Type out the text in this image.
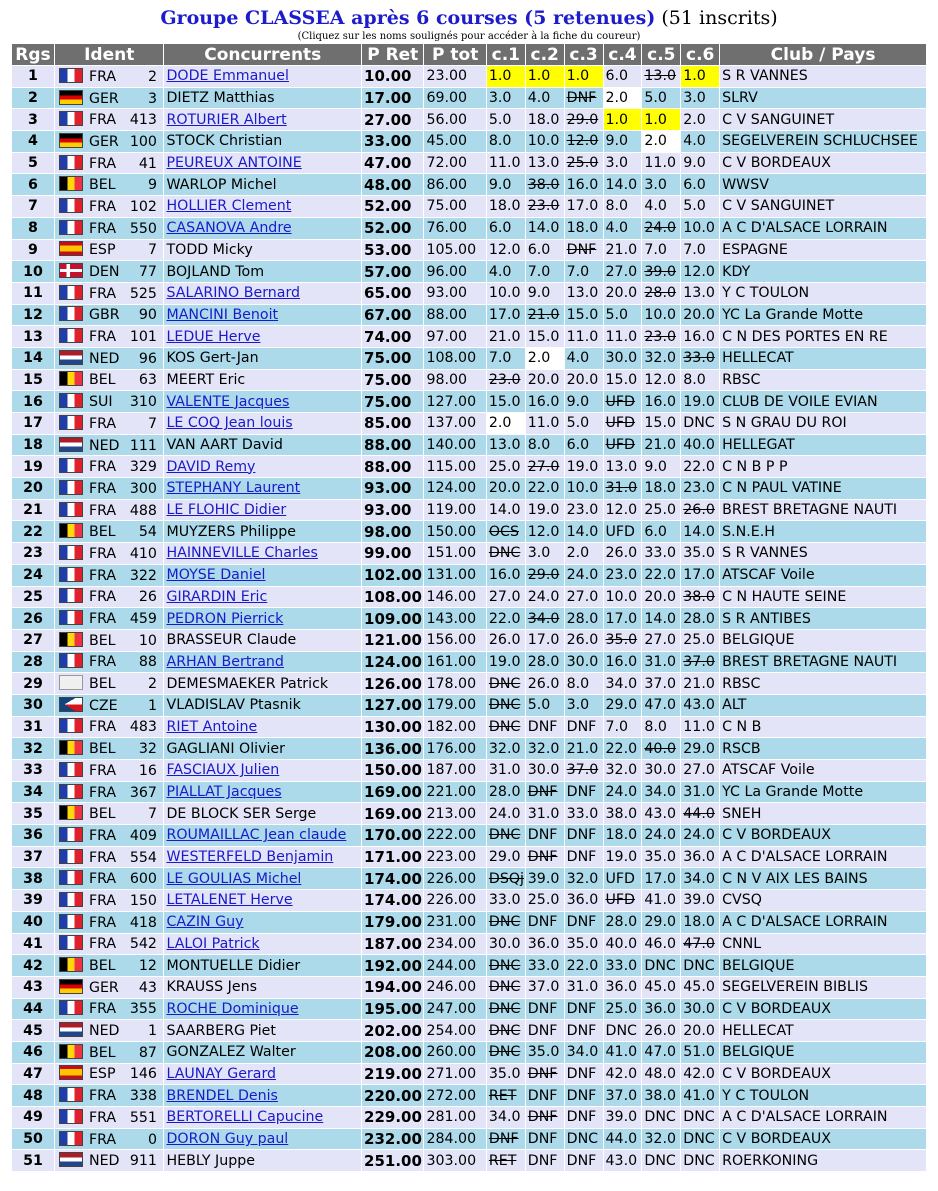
Groupe CLASSEA après 6 courses (5 retenues) (51 inscrits)
(Cliquez sur les noms soulignés pour accéder à la fiche du coureur)
Rgs	Ident	Concurrents	P Ret	P tot	c.1	c.2	c.3	c.4	c.5	c.6	Club / Pays
1	FRA 2	DODE Emmanuel	10.00	23.00	1.0	1.0	1.0	6.0	13.0	1.0	S R VANNES
2	GER 3	DIETZ Matthias	17.00	69.00	3.0	4.0	DNF	2.0	5.0	3.0	SLRV
3	FRA 413	ROTURIER Albert	27.00	56.00	5.0	18.0	29.0	1.0	1.0	2.0	C V SANGUINET
4	GER 100	STOCK Christian	33.00	45.00	8.0	10.0	12.0	9.0	2.0	4.0	SEGELVEREIN SCHLUCHSEE
5	FRA 41	PEUREUX ANTOINE	47.00	72.00	11.0	13.0	25.0	3.0	11.0	9.0	C V BORDEAUX
6	BEL 9	WARLOP Michel	48.00	86.00	9.0	38.0	16.0	14.0	3.0	6.0	WWSV
7	FRA 102	HOLLIER Clement	52.00	75.00	18.0	23.0	17.0	8.0	4.0	5.0	C V SANGUINET
8	FRA 550	CASANOVA Andre	52.00	76.00	6.0	14.0	18.0	4.0	24.0	10.0	A C D'ALSACE LORRAIN
9	ESP 7	TODD Micky	53.00	105.00	12.0	6.0	DNF	21.0	7.0	7.0	ESPAGNE
10	DEN 77	BOJLAND Tom	57.00	96.00	4.0	7.0	7.0	27.0	39.0	12.0	KDY
11	FRA 525	SALARINO Bernard	65.00	93.00	10.0	9.0	13.0	20.0	28.0	13.0	Y C TOULON
12	GBR 90	MANCINI Benoit	67.00	88.00	17.0	21.0	15.0	5.0	10.0	20.0	YC La Grande Motte
13	FRA 101	LEDUE Herve	74.00	97.00	21.0	15.0	11.0	11.0	23.0	16.0	C N DES PORTES EN RE
14	NED 96	KOS Gert-Jan	75.00	108.00	7.0	2.0	4.0	30.0	32.0	33.0	HELLECAT
15	BEL 63	MEERT Eric	75.00	98.00	23.0	20.0	20.0	15.0	12.0	8.0	RBSC
16	SUI 310	VALENTE Jacques	75.00	127.00	15.0	16.0	9.0	UFD	16.0	19.0	CLUB DE VOILE EVIAN
17	FRA 7	LE COQ Jean louis	85.00	137.00	2.0	11.0	5.0	UFD	15.0	DNC	S N GRAU DU ROI
18	NED 111	VAN AART David	88.00	140.00	13.0	8.0	6.0	UFD	21.0	40.0	HELLEGAT
19	FRA 329	DAVID Remy	88.00	115.00	25.0	27.0	19.0	13.0	9.0	22.0	C N B P P
20	FRA 300	STEPHANY Laurent	93.00	124.00	20.0	22.0	10.0	31.0	18.0	23.0	C N PAUL VATINE
21	FRA 488	LE FLOHIC Didier	93.00	119.00	14.0	19.0	23.0	12.0	25.0	26.0	BREST BRETAGNE NAUTI
22	BEL 54	MUYZERS Philippe	98.00	150.00	OCS	12.0	14.0	UFD	6.0	14.0	S.N.E.H
23	FRA 410	HAINNEVILLE Charles	99.00	151.00	DNC	3.0	2.0	26.0	33.0	35.0	S R VANNES
24	FRA 322	MOYSE Daniel	102.00	131.00	16.0	29.0	24.0	23.0	22.0	17.0	ATSCAF Voile
25	FRA 26	GIRARDIN Eric	108.00	146.00	27.0	24.0	27.0	10.0	20.0	38.0	C N HAUTE SEINE
26	FRA 459	PEDRON Pierrick	109.00	143.00	22.0	34.0	28.0	17.0	14.0	28.0	S R ANTIBES
27	BEL 10	BRASSEUR Claude	121.00	156.00	26.0	17.0	26.0	35.0	27.0	25.0	BELGIQUE
28	FRA 88	ARHAN Bertrand	124.00	161.00	19.0	28.0	30.0	16.0	31.0	37.0	BREST BRETAGNE NAUTI
29	BEL 2	DEMESMAEKER Patrick	126.00	178.00	DNC	26.0	8.0	34.0	37.0	21.0	RBSC
30	CZE 1	VLADISLAV Ptasnik	127.00	179.00	DNC	5.0	3.0	29.0	47.0	43.0	ALT
31	FRA 483	RIET Antoine	130.00	182.00	DNC	DNF	DNF	7.0	8.0	11.0	C N B
32	BEL 32	GAGLIANI Olivier	136.00	176.00	32.0	32.0	21.0	22.0	40.0	29.0	RSCB
33	FRA 16	FASCIAUX Julien	150.00	187.00	31.0	30.0	37.0	32.0	30.0	27.0	ATSCAF Voile
34	FRA 367	PIALLAT Jacques	169.00	221.00	28.0	DNF	DNF	24.0	34.0	31.0	YC La Grande Motte
35	BEL 7	DE BLOCK SER Serge	169.00	213.00	24.0	31.0	33.0	38.0	43.0	44.0	SNEH
36	FRA 409	ROUMAILLAC Jean claude	170.00	222.00	DNC	DNF	DNF	18.0	24.0	24.0	C V BORDEAUX
37	FRA 554	WESTERFELD Benjamin	171.00	223.00	29.0	DNF	DNF	19.0	35.0	36.0	A C D'ALSACE LORRAIN
38	FRA 600	LE GOULIAS Michel	174.00	226.00	DSQj	39.0	32.0	UFD	17.0	34.0	C N V AIX LES BAINS
39	FRA 150	LETALENET Herve	174.00	226.00	33.0	25.0	36.0	UFD	41.0	39.0	CVSQ
40	FRA 418	CAZIN Guy	179.00	231.00	DNC	DNF	DNF	28.0	29.0	18.0	A C D'ALSACE LORRAIN
41	FRA 542	LALOI Patrick	187.00	234.00	30.0	36.0	35.0	40.0	46.0	47.0	CNNL
42	BEL 12	MONTUELLE Didier	192.00	244.00	DNC	33.0	22.0	33.0	DNC	DNC	BELGIQUE
43	GER 43	KRAUSS Jens	194.00	246.00	DNC	37.0	31.0	36.0	45.0	45.0	SEGELVEREIN BIBLIS
44	FRA 355	ROCHE Dominique	195.00	247.00	DNC	DNF	DNF	25.0	36.0	30.0	C V BORDEAUX
45	NED 1	SAARBERG Piet	202.00	254.00	DNC	DNF	DNF	DNC	26.0	20.0	HELLECAT
46	BEL 87	GONZALEZ Walter	208.00	260.00	DNC	35.0	34.0	41.0	47.0	51.0	BELGIQUE
47	ESP 146	LAUNAY Gerard	219.00	271.00	35.0	DNF	DNF	42.0	48.0	42.0	C V BORDEAUX
48	FRA 338	BRENDEL Denis	220.00	272.00	RET	DNF	DNF	37.0	38.0	41.0	Y C TOULON
49	FRA 551	BERTORELLI Capucine	229.00	281.00	34.0	DNF	DNF	39.0	DNC	DNC	A C D'ALSACE LORRAIN
50	FRA 0	DORON Guy paul	232.00	284.00	DNF	DNF	DNC	44.0	32.0	DNC	C V BORDEAUX
51	NED 911	HEBLY Juppe	251.00	303.00	RET	DNF	DNF	43.0	DNC	DNC	ROERKONING
